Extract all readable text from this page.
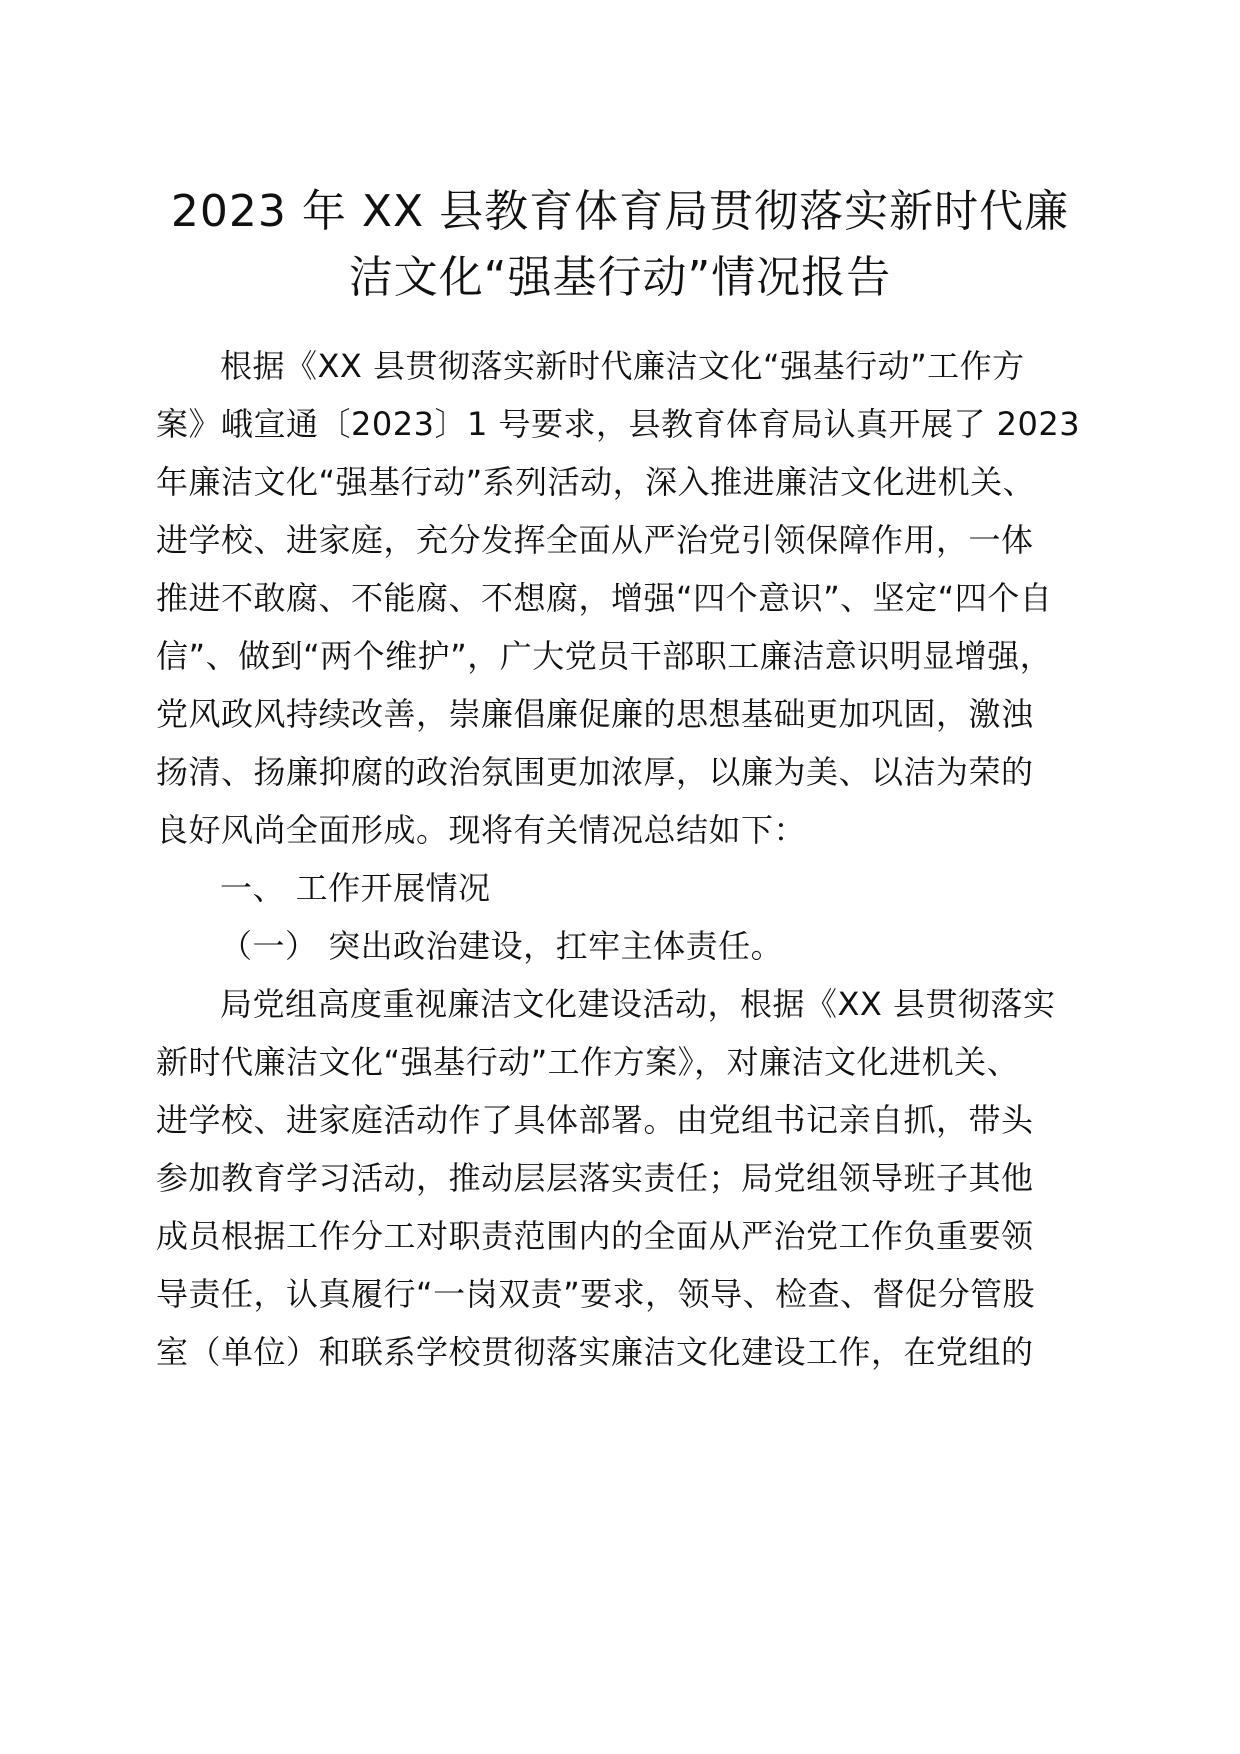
2023 年 XX 县教育体育局贯彻落实新时代廉
洁文化“强基行动”情况报告
根据《XX 县贯彻落实新时代廉洁文化“强基行动”工作方
案》峨宣通〔2023〕1 号要求，县教育体育局认真开展了 2023
年廉洁文化“强基行动”系列活动，深入推进廉洁文化进机关、
进学校、进家庭，充分发挥全面从严治党引领保障作用，一体
推进不敢腐、不能腐、不想腐，增强“四个意识”、坚定“四个自
信”、做到“两个维护”，广大党员干部职工廉洁意识明显增强，
党风政风持续改善，崇廉倡廉促廉的思想基础更加巩固，激浊
扬清、扬廉抑腐的政治氛围更加浓厚，以廉为美、以洁为荣的
良好风尚全面形成。现将有关情况总结如下：
一、 工作开展情况
（一） 突出政治建设，扛牢主体责任。
局党组高度重视廉洁文化建设活动，根据《XX 县贯彻落实
新时代廉洁文化“强基行动”工作方案》，对廉洁文化进机关、
进学校、进家庭活动作了具体部署。由党组书记亲自抓，带头
参加教育学习活动，推动层层落实责任；局党组领导班子其他
成员根据工作分工对职责范围内的全面从严治党工作负重要领
导责任，认真履行“一岗双责”要求，领导、检查、督促分管股
室（单位）和联系学校贯彻落实廉洁文化建设工作，在党组的
